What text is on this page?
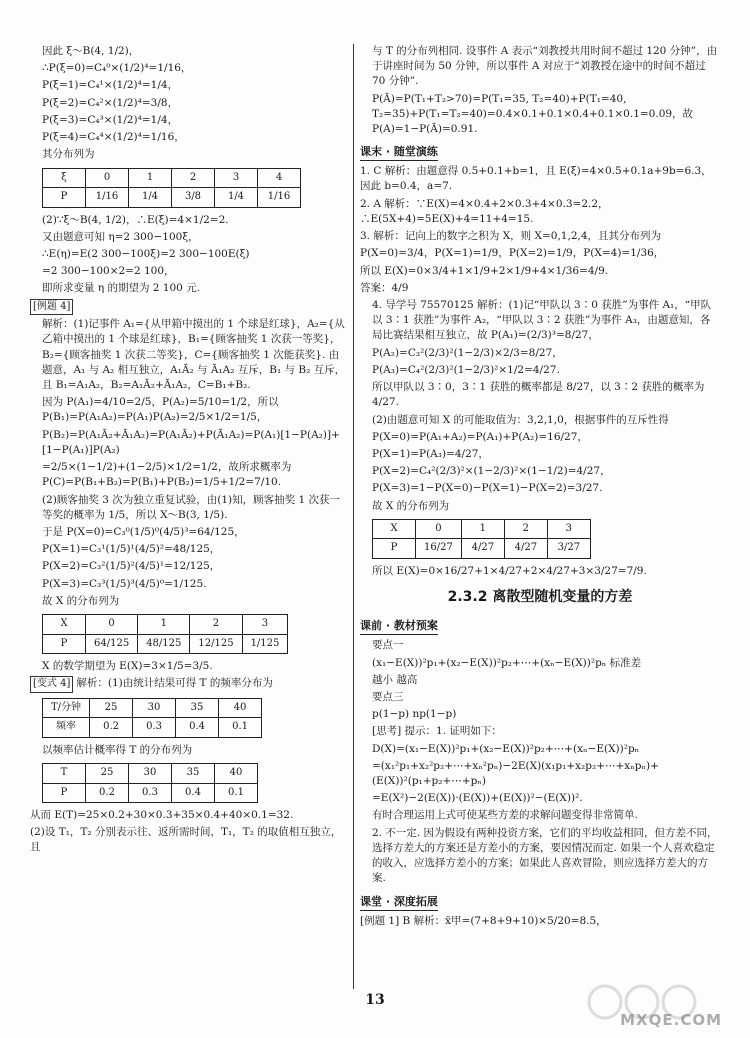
因此 ξ～B(4, 1/2)，

∴P(ξ=0)=C₄⁰×(1/2)⁴=1/16，

P(ξ=1)=C₄¹×(1/2)⁴=1/4，

P(ξ=2)=C₄²×(1/2)⁴=3/8，

P(ξ=3)=C₄³×(1/2)⁴=1/4，

P(ξ=4)=C₄⁴×(1/2)⁴=1/16，

其分布列为

ξ	0	1	2	3	4
P	1/16	1/4	3/8	1/4	1/16

(2)∵ξ～B(4, 1/2)，∴E(ξ)=4×1/2=2.

又由题意可知 η=2 300−100ξ，

∴E(η)=E(2 300−100ξ)=2 300−100E(ξ)

=2 300−100×2=2 100，

即所求变量 η 的期望为 2 100 元.

[例题 4]

解析：(1)记事件 A₁={从甲箱中摸出的 1 个球是红球}，A₂={从乙箱中摸出的 1 个球是红球}，B₁={顾客抽奖 1 次获一等奖}，B₂={顾客抽奖 1 次获二等奖}，C={顾客抽奖 1 次能获奖}. 由题意，A₁ 与 A₂ 相互独立，A₁Ā₂ 与 Ā₁A₂ 互斥，B₁ 与 B₂ 互斥，且 B₁=A₁A₂，B₂=A₁Ā₂+Ā₁A₂，C=B₁+B₂.

因为 P(A₁)=4/10=2/5，P(A₂)=5/10=1/2，所以 P(B₁)=P(A₁A₂)=P(A₁)P(A₂)=2/5×1/2=1/5，

P(B₂)=P(A₁Ā₂+Ā₁A₂)=P(A₁Ā₂)+P(Ā₁A₂)=P(A₁)[1−P(A₂)]+[1−P(A₁)]P(A₂)

=2/5×(1−1/2)+(1−2/5)×1/2=1/2，故所求概率为 P(C)=P(B₁+B₂)=P(B₁)+P(B₂)=1/5+1/2=7/10.

(2)顾客抽奖 3 次为独立重复试验，由(1)知，顾客抽奖 1 次获一等奖的概率为 1/5，所以 X～B(3, 1/5).

于是 P(X=0)=C₃⁰(1/5)⁰(4/5)³=64/125，

P(X=1)=C₃¹(1/5)¹(4/5)²=48/125，

P(X=2)=C₃²(1/5)²(4/5)¹=12/125，

P(X=3)=C₃³(1/5)³(4/5)⁰=1/125.

故 X 的分布列为

X	0	1	2	3
P	64/125	48/125	12/125	1/125

X 的数学期望为 E(X)=3×1/5=3/5.

[变式 4] 解析：(1)由统计结果可得 T 的频率分布为

T/分钟	25	30	35	40
频率	0.2	0.3	0.4	0.1

以频率估计概率得 T 的分布列为

T	25	30	35	40
P	0.2	0.3	0.4	0.1

从而 E(T)=25×0.2+30×0.3+35×0.4+40×0.1=32.

(2)设 T₁，T₂ 分别表示往、返所需时间，T₁，T₂ 的取值相互独立，且

与 T 的分布列相同. 设事件 A 表示“刘教授共用时间不超过 120 分钟”，由于讲座时间为 50 分钟，所以事件 A 对应于“刘教授在途中的时间不超过 70 分钟”.

P(Ā)=P(T₁+T₂>70)=P(T₁=35, T₂=40)+P(T₁=40, T₂=35)+P(T₁=T₂=40)=0.4×0.1+0.1×0.4+0.1×0.1=0.09，故 P(A)=1−P(Ā)=0.91.

课末 · 随堂演练

1. C 解析：由题意得 0.5+0.1+b=1，且 E(ξ)=4×0.5+0.1a+9b=6.3，因此 b=0.4，a=7.

2. A 解析：∵E(X)=4×0.4+2×0.3+4×0.3=2.2，∴E(5X+4)=5E(X)+4=11+4=15.

3. 解析：记向上的数字之积为 X，则 X=0,1,2,4，且其分布列为

P(X=0)=3/4，P(X=1)=1/9，P(X=2)=1/9，P(X=4)=1/36，

所以 E(X)=0×3/4+1×1/9+2×1/9+4×1/36=4/9.

答案：4/9

4. 导学号 75570125 解析：(1)记“甲队以 3∶0 获胜”为事件 A₁，“甲队以 3∶1 获胜”为事件 A₂，“甲队以 3∶2 获胜”为事件 A₃，由题意知，各局比赛结果相互独立，故 P(A₁)=(2/3)³=8/27，

P(A₂)=C₃²(2/3)²(1−2/3)×2/3=8/27，

P(A₃)=C₄²(2/3)²(1−2/3)²×1/2=4/27.

所以甲队以 3∶0，3∶1 获胜的概率都是 8/27，以 3∶2 获胜的概率为 4/27.

(2)由题意可知 X 的可能取值为：3,2,1,0，根据事件的互斥性得

P(X=0)=P(A₁+A₂)=P(A₁)+P(A₂)=16/27，

P(X=1)=P(A₃)=4/27，

P(X=2)=C₄²(2/3)²×(1−2/3)²×(1−1/2)=4/27，

P(X=3)=1−P(X=0)−P(X=1)−P(X=2)=3/27.

故 X 的分布列为

X	0	1	2	3
P	16/27	4/27	4/27	3/27

所以 E(X)=0×16/27+1×4/27+2×4/27+3×3/27=7/9.

2.3.2 离散型随机变量的方差
课前 · 教材预案

要点一

(x₁−E(X))²p₁+(x₂−E(X))²p₂+⋯+(xₙ−E(X))²pₙ 标准差

越小 越高

要点三

p(1−p) np(1−p)

[思考] 提示：1. 证明如下：

D(X)=(x₁−E(X))²p₁+(x₂−E(X))²p₂+⋯+(xₙ−E(X))²pₙ

=(x₁²p₁+x₂²p₂+⋯+xₙ²pₙ)−2E(X)(x₁p₁+x₂p₂+⋯+xₙpₙ)+(E(X))²(p₁+p₂+⋯+pₙ)

=E(X²)−2(E(X))·(E(X))+(E(X))²−(E(X))².

有时合理运用上式可使某些方差的求解问题变得非常简单.

2. 不一定. 因为假设有两种投资方案，它们的平均收益相同，但方差不同，选择方差大的方案还是方差小的方案，要因情况而定. 如果一个人喜欢稳定的收入，应选择方差小的方案；如果此人喜欢冒险，则应选择方差大的方案.

课堂 · 深度拓展

[例题 1] B 解析：x̄甲=(7+8+9+10)×5/20=8.5，

13
MXQE.COM
